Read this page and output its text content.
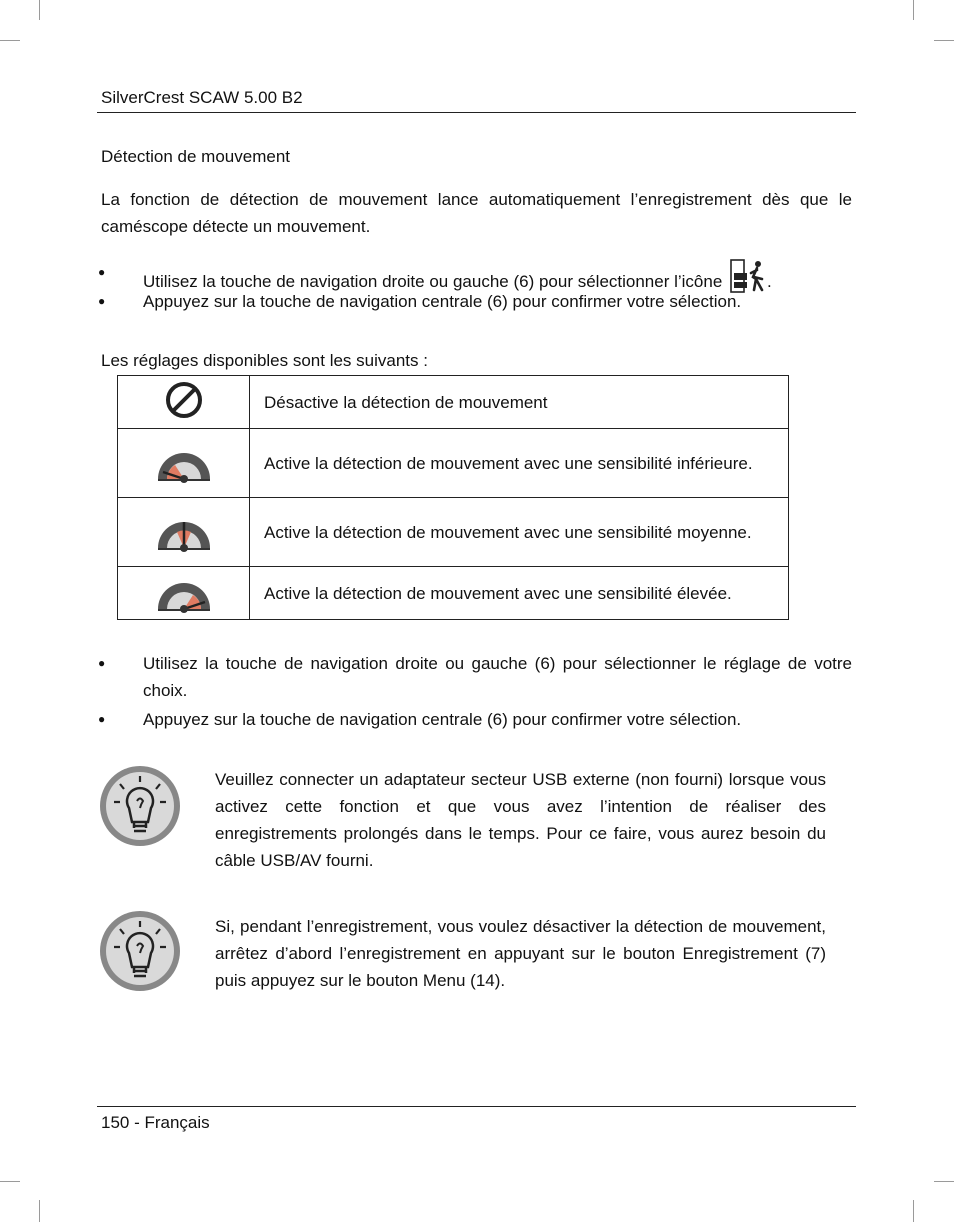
SilverCrest SCAW 5.00 B2
Détection de mouvement
La fonction de détection de mouvement lance automatiquement l’enregistrement dès que le caméscope détecte un mouvement.
● Utilisez la touche de navigation droite ou gauche (6) pour sélectionner l’icône	.
● Appuyez sur la touche de navigation centrale (6) pour confirmer votre sélection.
Les réglages disponibles sont les suivants :
	Désactive la détection de mouvement
	Active la détection de mouvement avec une sensibilité inférieure.
	Active la détection de mouvement avec une sensibilité moyenne.
	Active la détection de mouvement avec une sensibilité élevée.
● Utilisez la touche de navigation droite ou gauche (6) pour sélectionner le réglage de votre choix.
● Appuyez sur la touche de navigation centrale (6) pour confirmer votre sélection.
Veuillez connecter un adaptateur secteur USB externe (non fourni) lorsque vous activez cette fonction et que vous avez l’intention de réaliser des enregistrements prolongés dans le temps. Pour ce faire, vous aurez besoin du câble USB/AV fourni.
Si, pendant l’enregistrement, vous voulez désactiver la détection de mouvement, arrêtez d’abord l’enregistrement en appuyant sur le bouton Enregistrement (7) puis appuyez sur le bouton Menu (14).
150 - Français
